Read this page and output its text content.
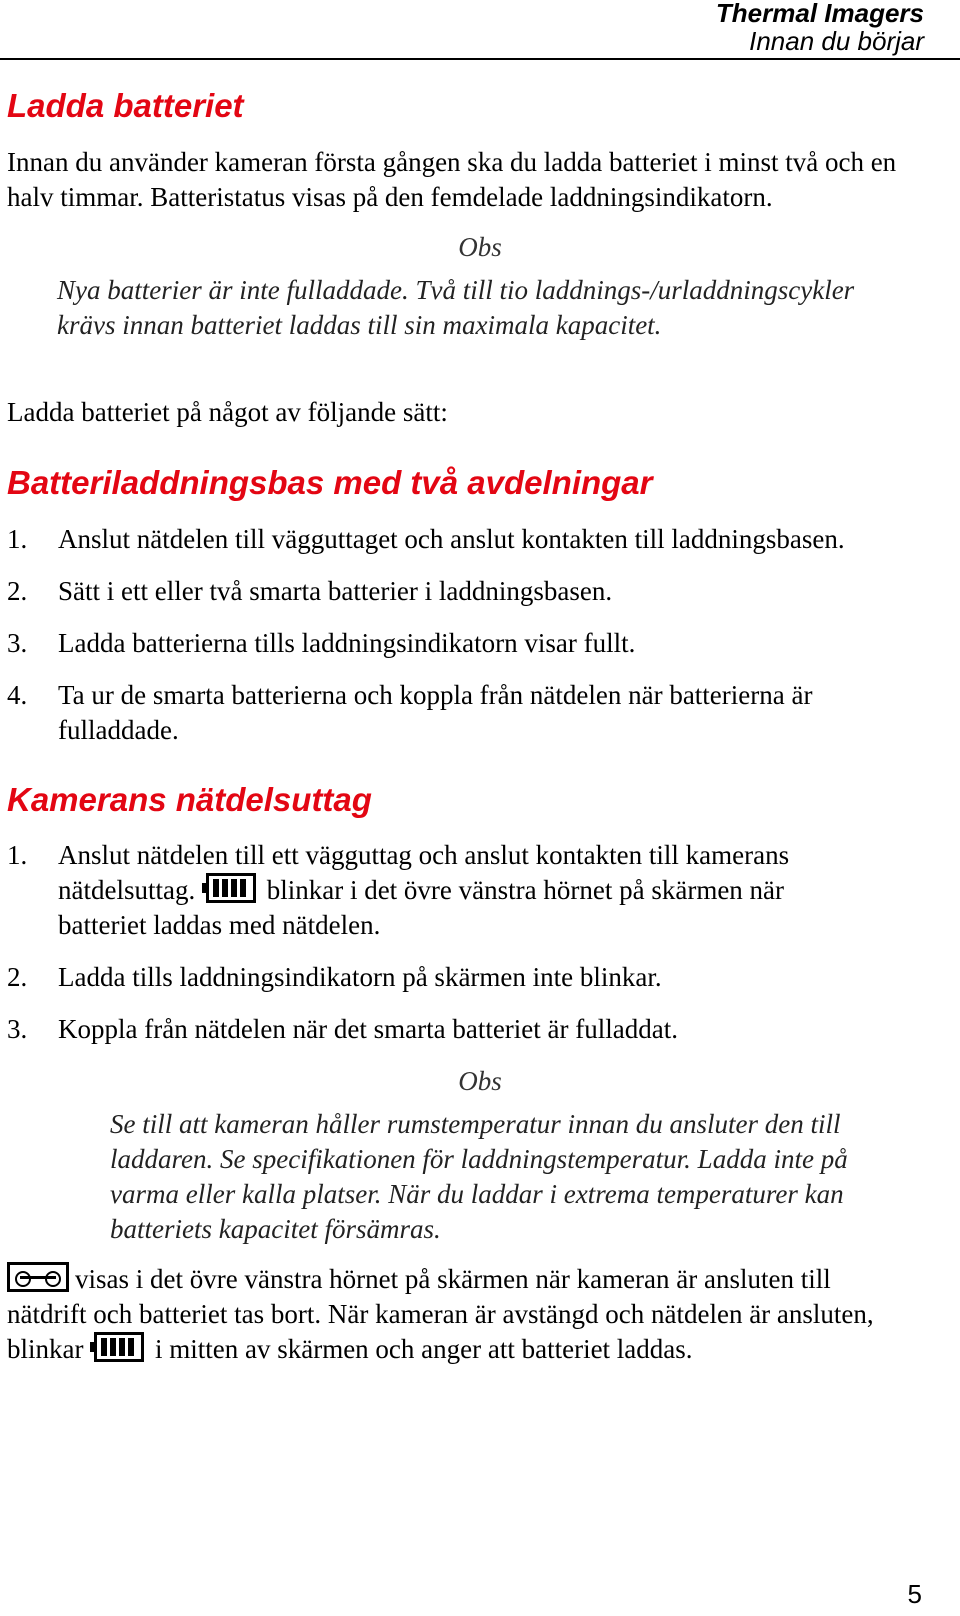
Thermal Imagers
Innan du börjar
Ladda batteriet
Innan du använder kameran första gången ska du ladda batteriet i minst två och en halv timmar. Batteristatus visas på den femdelade laddningsindikatorn.
Obs
Nya batterier är inte fulladdade. Två till tio laddnings-/urladdningscykler krävs innan batteriet laddas till sin maximala kapacitet.
Ladda batteriet på något av följande sätt:
Batteriladdningsbas med två avdelningar
1. Anslut nätdelen till vägguttaget och anslut kontakten till laddningsbasen.
2. Sätt i ett eller två smarta batterier i laddningsbasen.
3. Ladda batterierna tills laddningsindikatorn visar fullt.
4. Ta ur de smarta batterierna och koppla från nätdelen när batterierna är fulladdade.
Kamerans nätdelsuttag
1. Anslut nätdelen till ett vägguttag och anslut kontakten till kamerans nätdelsuttag.	blinkar i det övre vänstra hörnet på skärmen när batteriet laddas med nätdelen.
2. Ladda tills laddningsindikatorn på skärmen inte blinkar.
3. Koppla från nätdelen när det smarta batteriet är fulladdat.
Obs
Se till att kameran håller rumstemperatur innan du ansluter den till laddaren. Se specifikationen för laddningstemperatur. Ladda inte på varma eller kalla platser. När du laddar i extrema temperaturer kan batteriets kapacitet försämras.
visas i det övre vänstra hörnet på skärmen när kameran är ansluten till nätdrift och batteriet tas bort. När kameran är avstängd och nätdelen är ansluten, blinkar	i mitten av skärmen och anger att batteriet laddas.
5
